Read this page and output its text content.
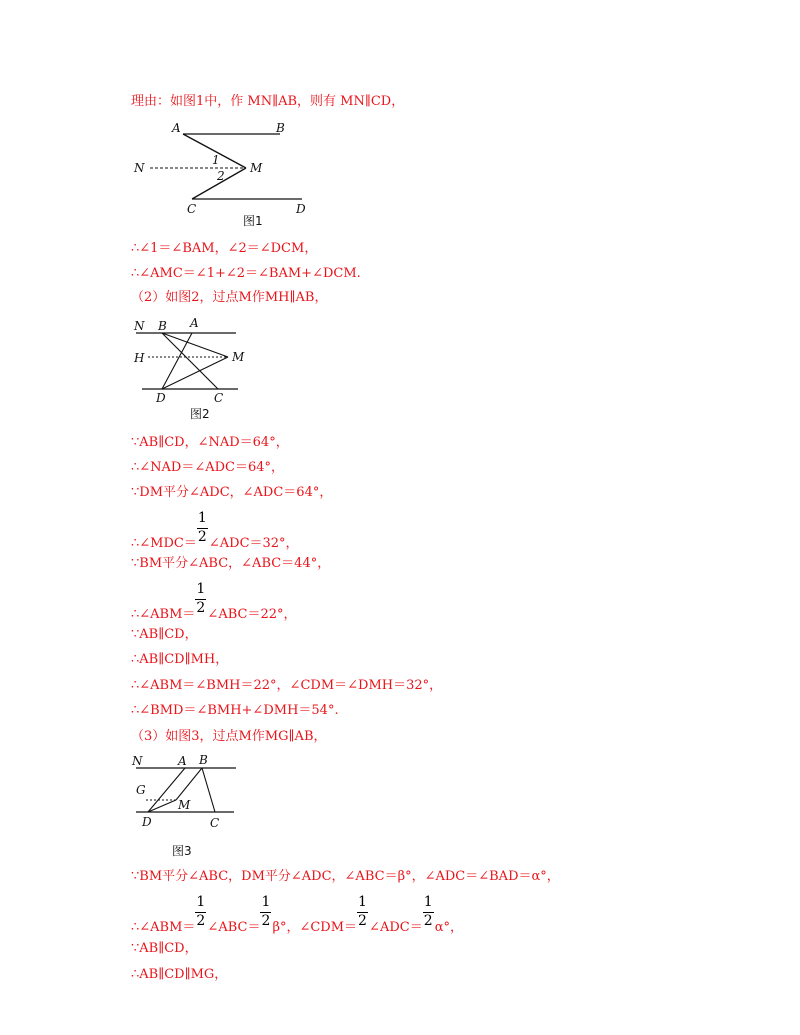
理由：如图1中，作 MN∥AB，则有 MN∥CD，
A	B
N	M
1
2
C	D
图1
∴∠1＝∠BAM，∠2＝∠DCM，
∴∠AMC＝∠1+∠2＝∠BAM+∠DCM.
（2）如图2，过点M作MH∥AB，
N B A
H	M
D	C
图2
∵AB∥CD，∠NAD＝64°，
∴∠NAD＝∠ADC＝64°，
∵DM平分∠ADC，∠ADC＝64°，
∴∠MDC＝ $\frac{1}{2}$ ∠ADC＝32°，
∵BM平分∠ABC，∠ABC＝44°，
∴∠ABM＝ $\frac{1}{2}$ ∠ABC＝22°，
∵AB∥CD，
∴AB∥CD∥MH，
∴∠ABM＝∠BMH＝22°，∠CDM＝∠DMH＝32°，
∴∠BMD＝∠BMH+∠DMH＝54°.
（3）如图3，过点M作MG∥AB，
N	A B
G
M
D	C
图3
∵BM平分∠ABC，DM平分∠ADC，∠ABC＝β°，∠ADC＝∠BAD＝α°，
∴∠ABM＝ $\frac{1}{2}$ ∠ABC＝ $\frac{1}{2} \beta^\circ$，∠CDM＝ $\frac{1}{2}$ ∠ADC＝ $\frac{1}{2} \alpha^\circ$，
∵AB∥CD，
∴AB∥CD∥MG，
